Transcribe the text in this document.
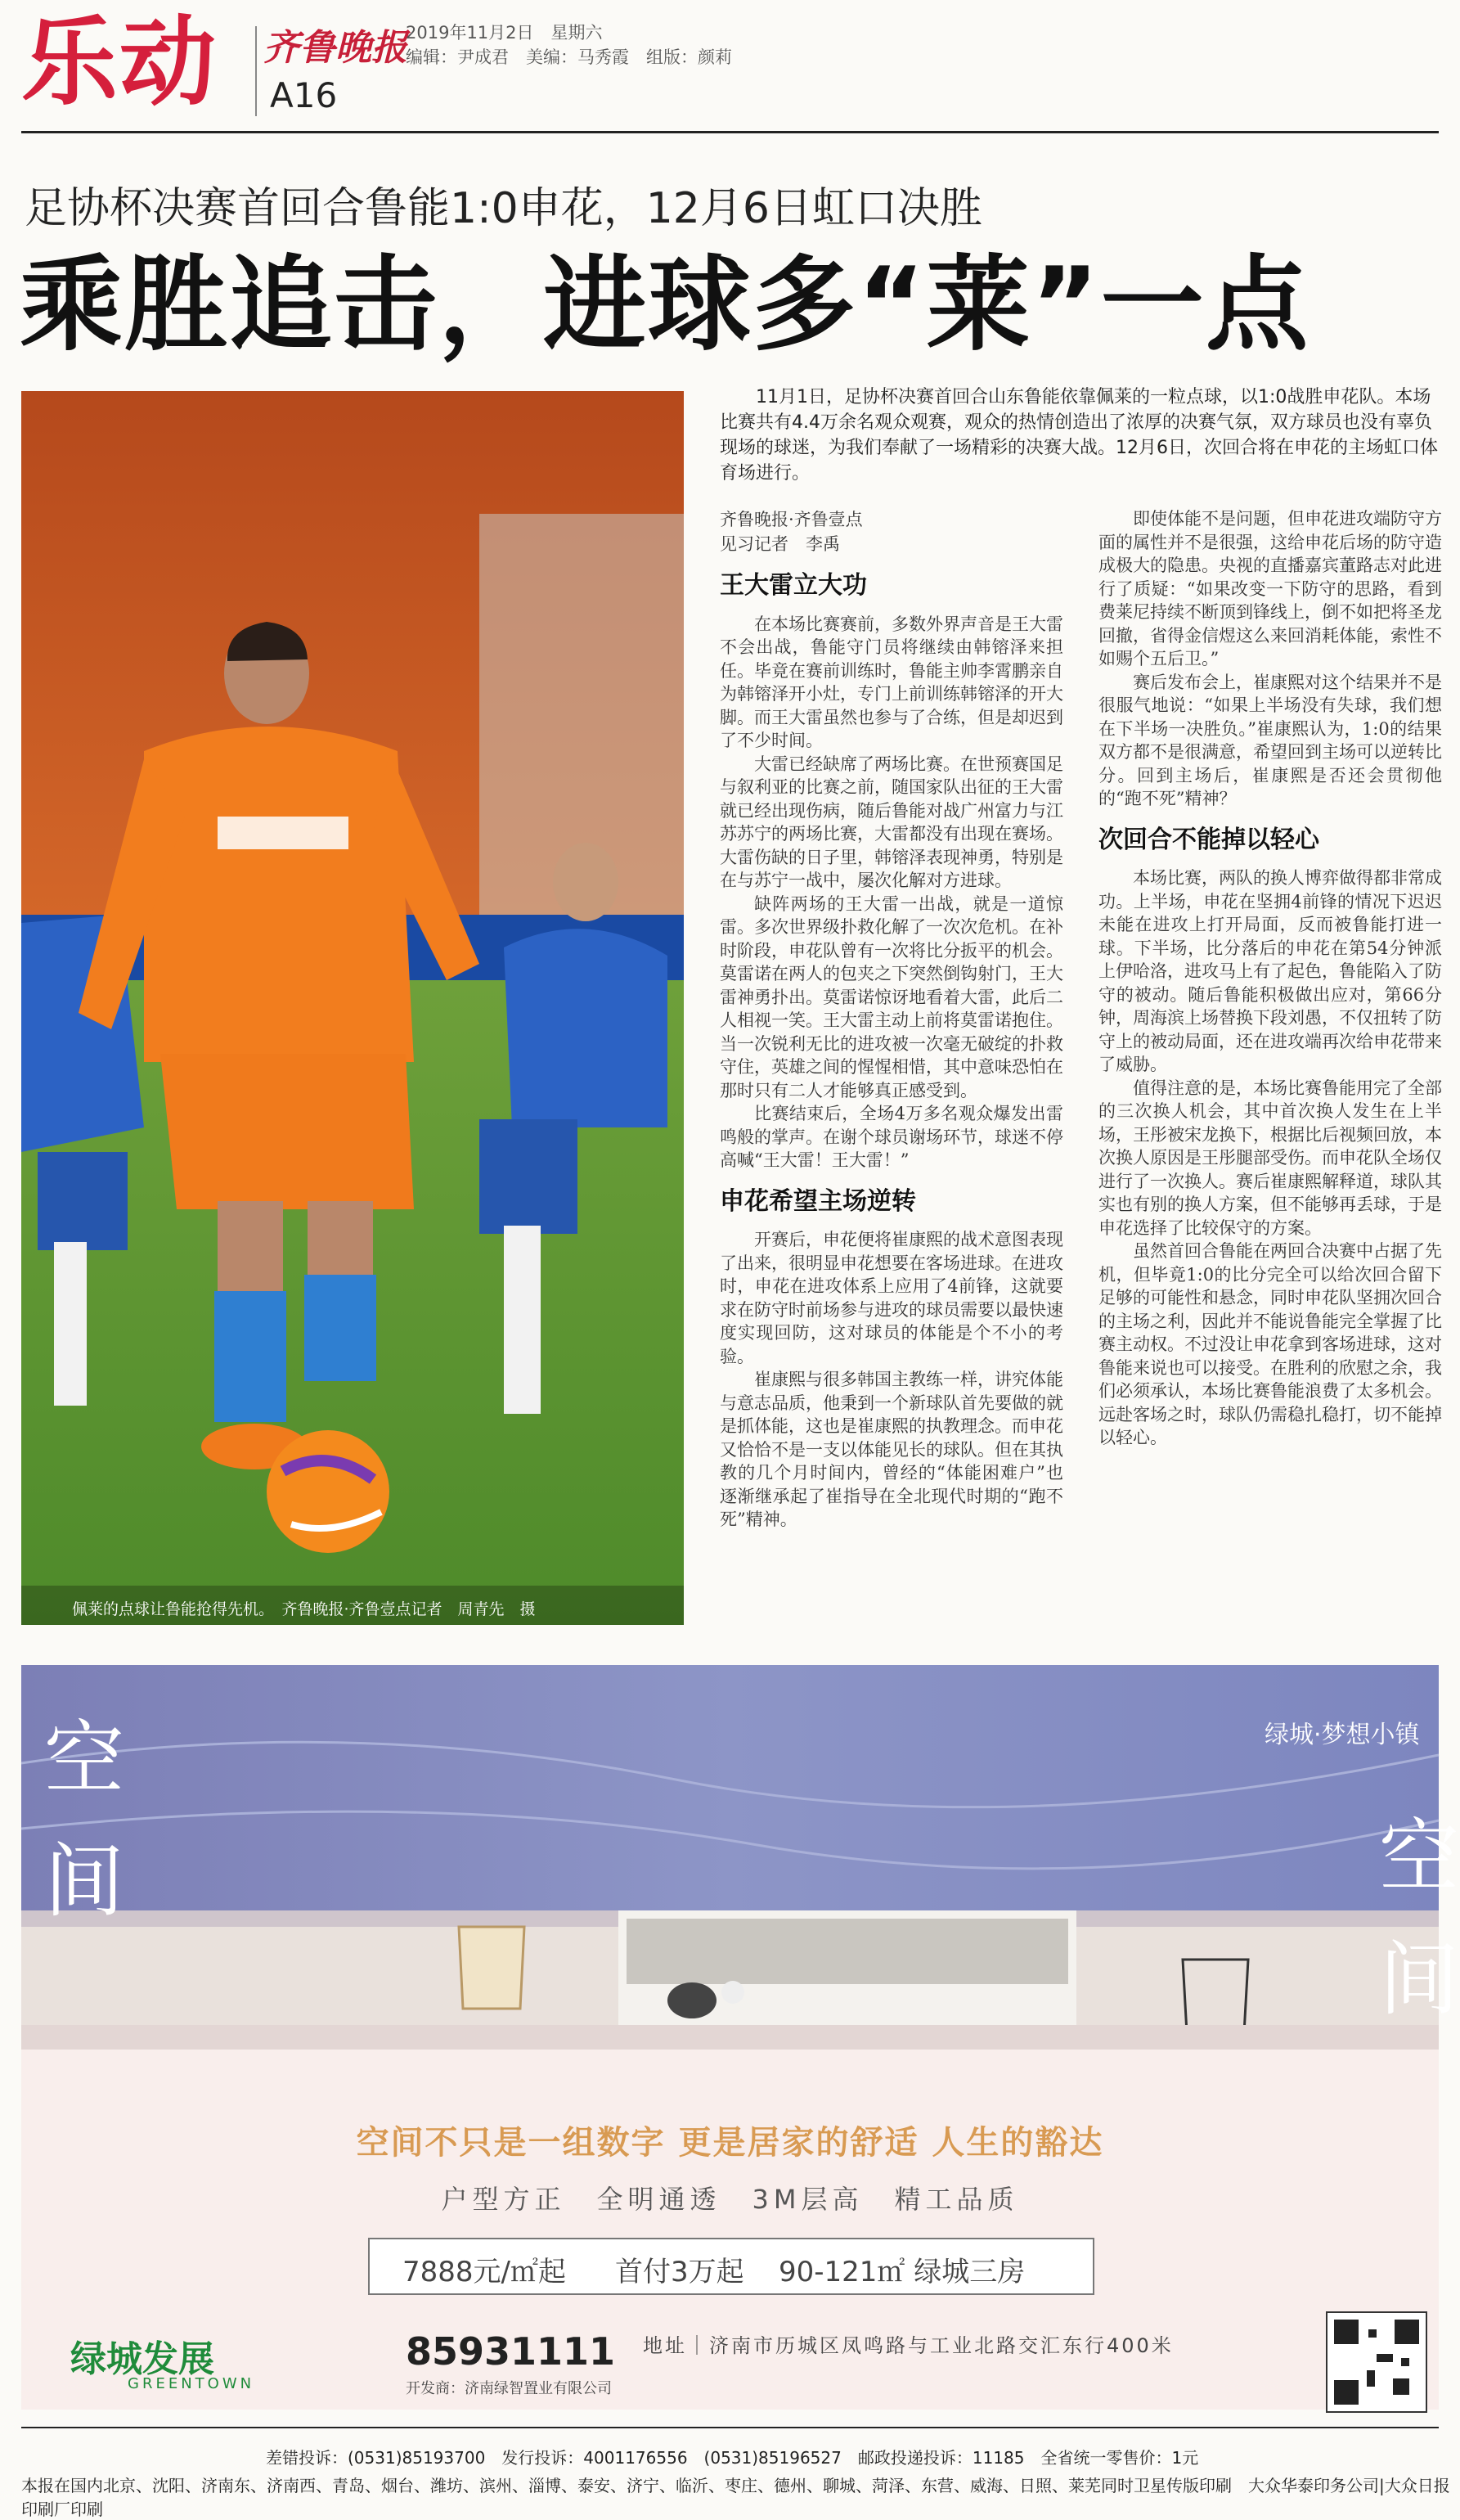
乐动 齐鲁晚报
A16
2019年11月2日　星期六
编辑：尹成君　美编：马秀霞　组版：颜莉
足协杯决赛首回合鲁能1:0申花，12月6日虹口决胜
乘胜追击，进球多“莱”一点
佩莱的点球让鲁能抢得先机。　齐鲁晚报·齐鲁壹点记者　周青先　摄
11月1日，足协杯决赛首回合山东鲁能依靠佩莱的一粒点球，以1:0战胜申花队。本场比赛共有4.4万余名观众观赛，观众的热情创造出了浓厚的决赛气氛，双方球员也没有辜负现场的球迷，为我们奉献了一场精彩的决赛大战。12月6日，次回合将在申花的主场虹口体育场进行。
齐鲁晚报·齐鲁壹点
见习记者　李禹
王大雷立大功

在本场比赛赛前，多数外界声音是王大雷不会出战，鲁能守门员将继续由韩镕泽来担任。毕竟在赛前训练时，鲁能主帅李霄鹏亲自为韩镕泽开小灶，专门上前训练韩镕泽的开大脚。而王大雷虽然也参与了合练，但是却迟到了不少时间。

大雷已经缺席了两场比赛。在世预赛国足与叙利亚的比赛之前，随国家队出征的王大雷就已经出现伤病，随后鲁能对战广州富力与江苏苏宁的两场比赛，大雷都没有出现在赛场。大雷伤缺的日子里，韩镕泽表现神勇，特别是在与苏宁一战中，屡次化解对方进球。

缺阵两场的王大雷一出战，就是一道惊雷。多次世界级扑救化解了一次次危机。在补时阶段，申花队曾有一次将比分扳平的机会。莫雷诺在两人的包夹之下突然倒钩射门，王大雷神勇扑出。莫雷诺惊讶地看着大雷，此后二人相视一笑。王大雷主动上前将莫雷诺抱住。当一次锐利无比的进攻被一次毫无破绽的扑救守住，英雄之间的惺惺相惜，其中意味恐怕在那时只有二人才能够真正感受到。

比赛结束后，全场4万多名观众爆发出雷鸣般的掌声。在谢个球员谢场环节，球迷不停高喊“王大雷！王大雷！”

申花希望主场逆转

开赛后，申花便将崔康熙的战术意图表现了出来，很明显申花想要在客场进球。在进攻时，申花在进攻体系上应用了4前锋，这就要求在防守时前场参与进攻的球员需要以最快速度实现回防，这对球员的体能是个不小的考验。

崔康熙与很多韩国主教练一样，讲究体能与意志品质，他秉到一个新球队首先要做的就是抓体能，这也是崔康熙的执教理念。而申花又恰恰不是一支以体能见长的球队。但在其执教的几个月时间内，曾经的“体能困难户”也逐渐继承起了崔指导在全北现代时期的“跑不死”精神。

即使体能不是问题，但申花进攻端防守方面的属性并不是很强，这给申花后场的防守造成极大的隐患。央视的直播嘉宾董路志对此进行了质疑：“如果改变一下防守的思路，看到费莱尼持续不断顶到锋线上，倒不如把将圣龙回撤，省得金信煜这么来回消耗体能，索性不如赐个五后卫。”

赛后发布会上，崔康熙对这个结果并不是很服气地说：“如果上半场没有失球，我们想在下半场一决胜负。”崔康熙认为，1:0的结果双方都不是很满意，希望回到主场可以逆转比分。回到主场后，崔康熙是否还会贯彻他的“跑不死”精神？

次回合不能掉以轻心

本场比赛，两队的换人博弈做得都非常成功。上半场，申花在坚拥4前锋的情况下迟迟未能在进攻上打开局面，反而被鲁能打进一球。下半场，比分落后的申花在第54分钟派上伊哈洛，进攻马上有了起色，鲁能陷入了防守的被动。随后鲁能积极做出应对，第66分钟，周海滨上场替换下段刘愚，不仅扭转了防守上的被动局面，还在进攻端再次给申花带来了威胁。

值得注意的是，本场比赛鲁能用完了全部的三次换人机会，其中首次换人发生在上半场，王彤被宋龙换下，根据比后视频回放，本次换人原因是王彤腿部受伤。而申花队全场仅进行了一次换人。赛后崔康熙解释道，球队其实也有别的换人方案，但不能够再丢球，于是申花选择了比较保守的方案。

虽然首回合鲁能在两回合决赛中占据了先机，但毕竟1:0的比分完全可以给次回合留下足够的可能性和悬念，同时申花队坚拥次回合的主场之利，因此并不能说鲁能完全掌握了比赛主动权。不过没让申花拿到客场进球，这对鲁能来说也可以接受。在胜利的欣慰之余，我们必须承认，本场比赛鲁能浪费了太多机会。远赴客场之时，球队仍需稳扎稳打，切不能掉以轻心。

空
间	空
间
绿城·梦想小镇
空间不只是一组数字 更是居家的舒适 人生的豁达
户型方正　全明通透　3M层高　精工品质
7888元/㎡起 首付3万起 90-121㎡ 绿城三房
绿城发展
GREENTOWN
85931111 地址｜济南市历城区凤鸣路与工业北路交汇东行400米
开发商：济南绿智置业有限公司
差错投诉：(0531)85193700　发行投诉：4001176556　(0531)85196527　邮政投递投诉：11185　全省统一零售价：1元
本报在国内北京、沈阳、济南东、济南西、青岛、烟台、潍坊、滨州、淄博、泰安、济宁、临沂、枣庄、德州、聊城、菏泽、东营、威海、日照、莱芜同时卫星传版印刷　大众华泰印务公司|大众日报印刷厂印刷
